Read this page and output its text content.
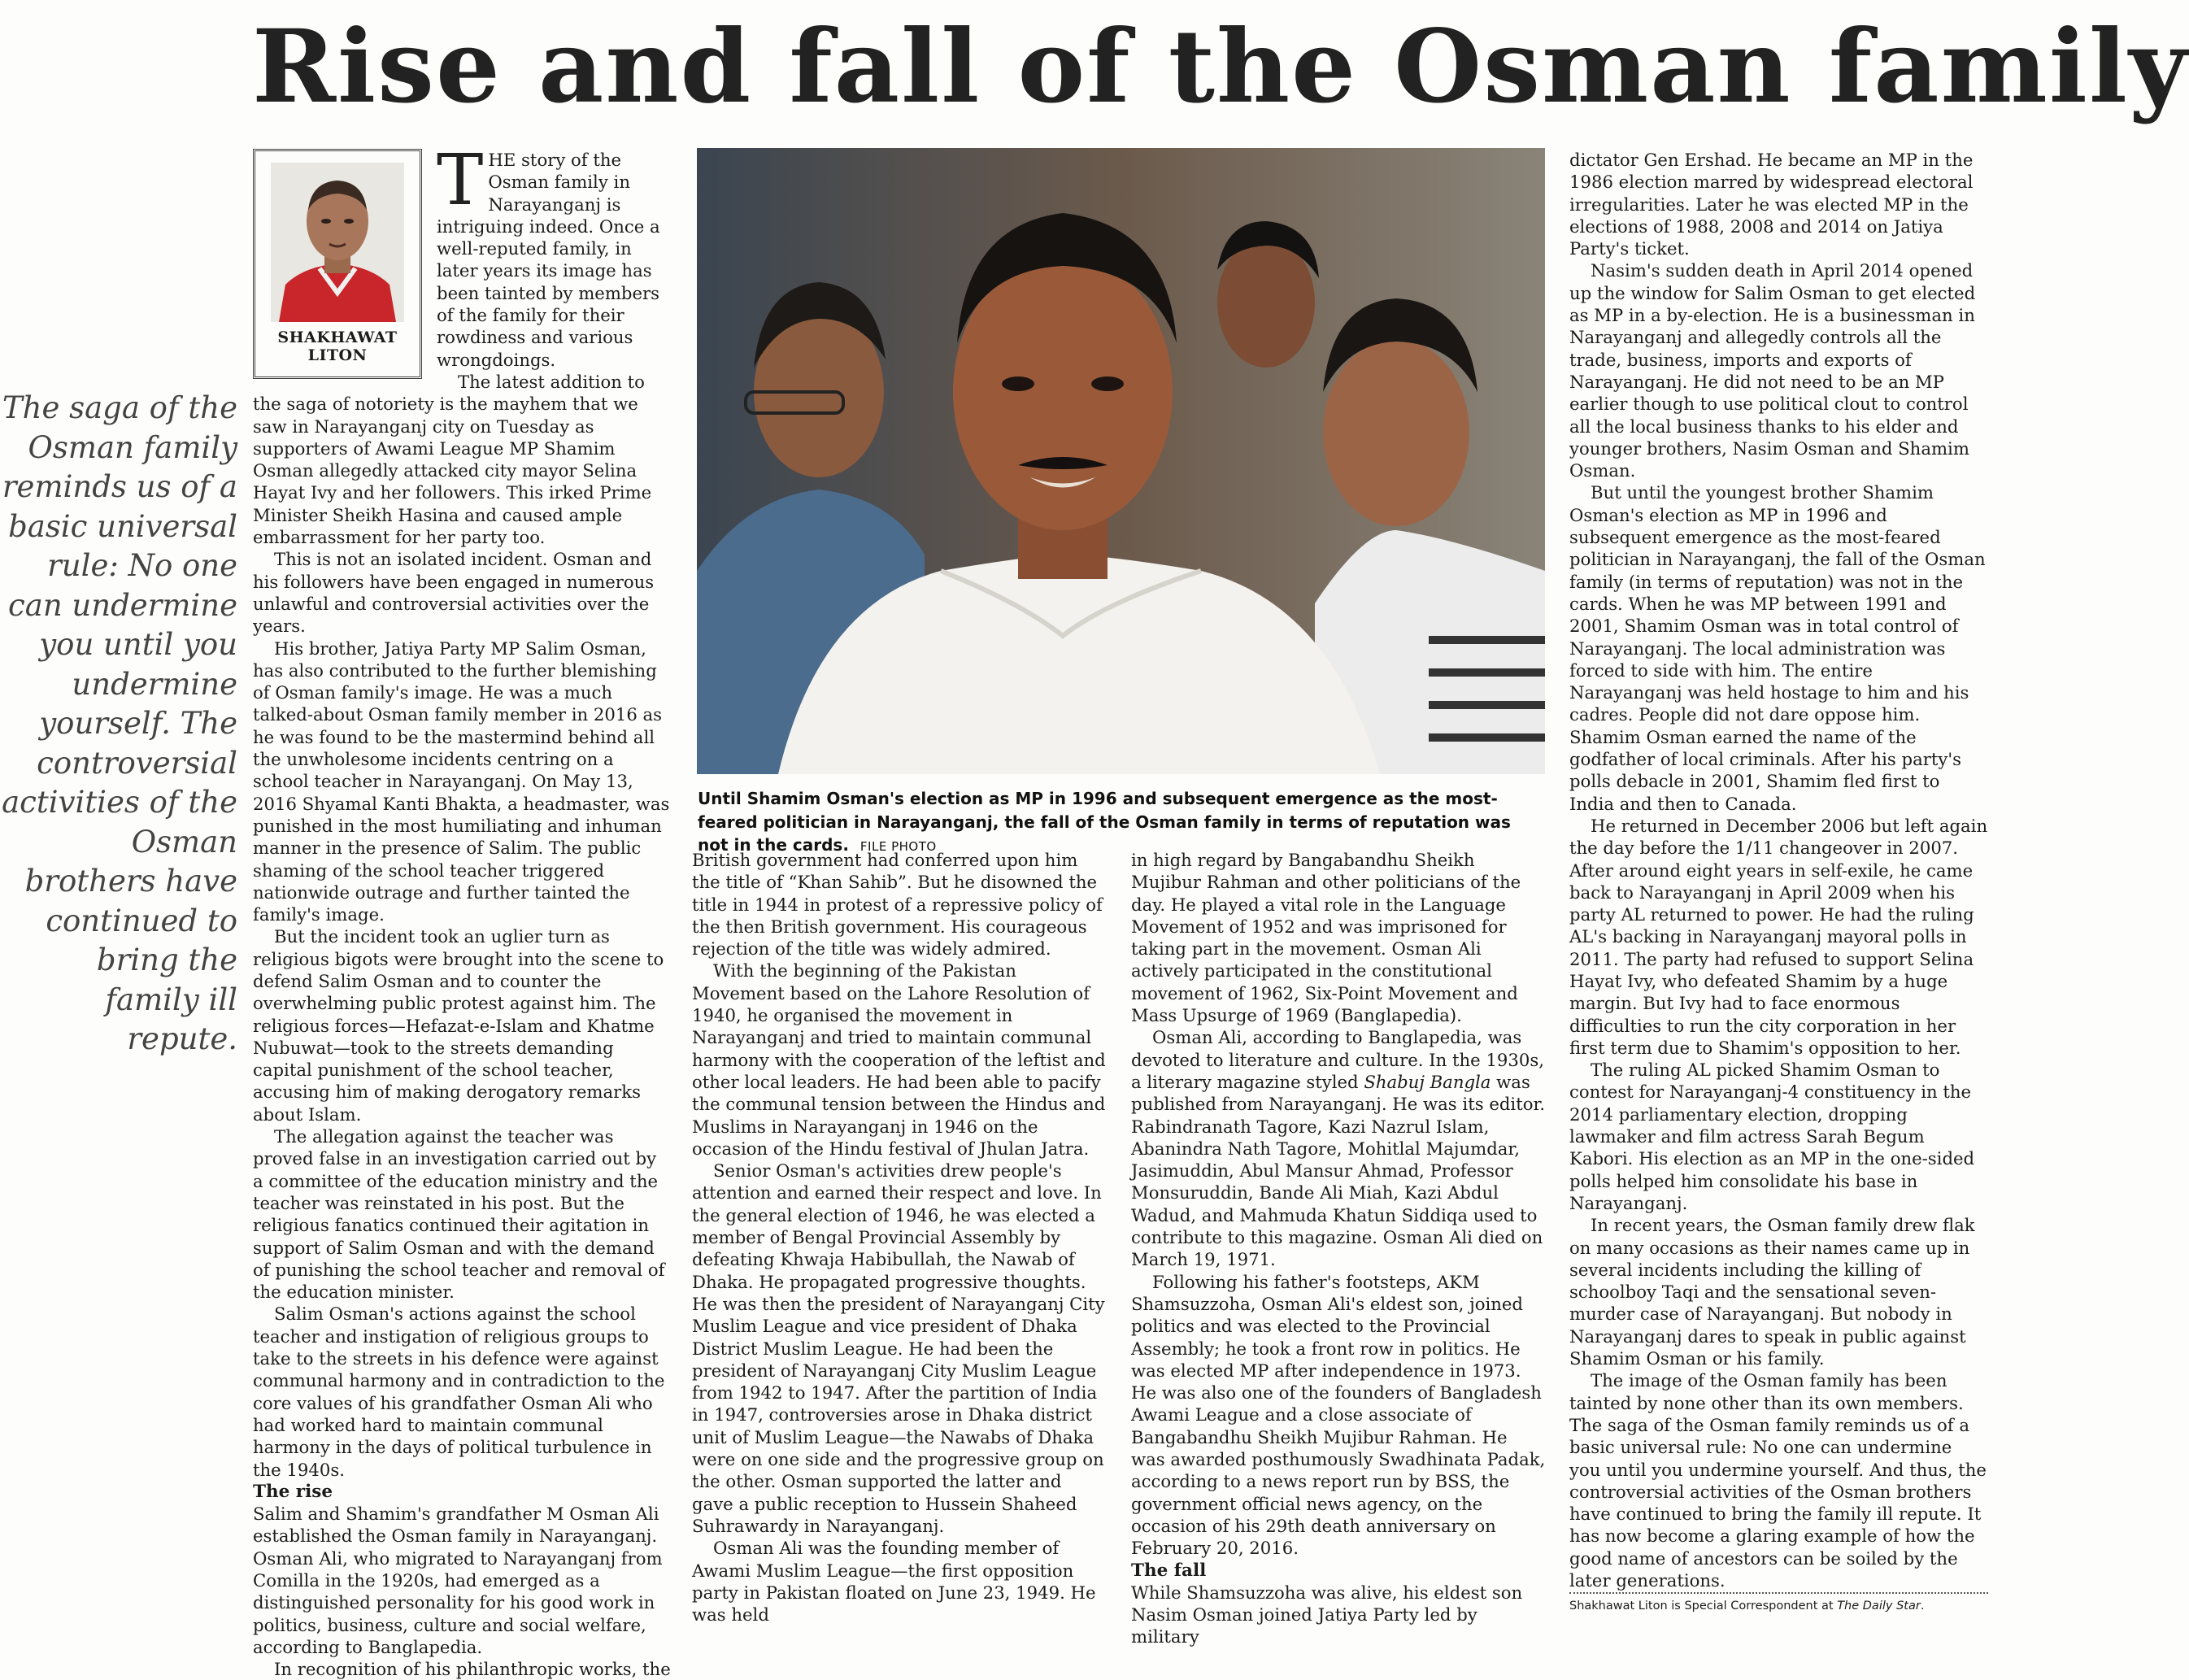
Rise and fall of the Osman family
The saga of the Osman family reminds us of a basic universal rule: No one can undermine you until you undermine yourself. The controversial activities of the Osman brothers have continued to bring the family ill repute.
SHAKHAWAT LITON
T HE story of the Osman family in Narayanganj is intriguing indeed. Once a well-reputed family, in later years its image has been tainted by members of the family for their rowdiness and various wrongdoings.

The latest addition to the saga of notoriety is the mayhem that we saw in Narayanganj city on Tuesday as supporters of Awami League MP Shamim Osman allegedly attacked city mayor Selina Hayat Ivy and her followers. This irked Prime Minister Sheikh Hasina and caused ample embarrassment for her party too.

This is not an isolated incident. Osman and his followers have been engaged in numerous unlawful and controversial activities over the years.

His brother, Jatiya Party MP Salim Osman, has also contributed to the further blemishing of Osman family's image. He was a much talked-about Osman family member in 2016 as he was found to be the mastermind behind all the unwholesome incidents centring on a school teacher in Narayanganj. On May 13, 2016 Shyamal Kanti Bhakta, a headmaster, was punished in the most humiliating and inhuman manner in the presence of Salim. The public shaming of the school teacher triggered nationwide outrage and further tainted the family's image.

But the incident took an uglier turn as religious bigots were brought into the scene to defend Salim Osman and to counter the overwhelming public protest against him. The religious forces—Hefazat-e-Islam and Khatme Nubuwat—took to the streets demanding capital punishment of the school teacher, accusing him of making derogatory remarks about Islam.

The allegation against the teacher was proved false in an investigation carried out by a committee of the education ministry and the teacher was reinstated in his post. But the religious fanatics continued their agitation in support of Salim Osman and with the demand of punishing the school teacher and removal of the education minister.

Salim Osman's actions against the school teacher and instigation of religious groups to take to the streets in his defence were against communal harmony and in contradiction to the core values of his grandfather Osman Ali who had worked hard to maintain communal harmony in the days of political turbulence in the 1940s.

The rise

Salim and Shamim's grandfather M Osman Ali established the Osman family in Narayanganj. Osman Ali, who migrated to Narayanganj from Comilla in the 1920s, had emerged as a distinguished personality for his good work in politics, business, culture and social welfare, according to Banglapedia.

In recognition of his philanthropic works, the

Until Shamim Osman's election as MP in 1996 and subsequent emergence as the most-feared politician in Narayanganj, the fall of the Osman family in terms of reputation was not in the cards. FILE PHOTO

British government had conferred upon him the title of “Khan Sahib”. But he disowned the title in 1944 in protest of a repressive policy of the then British government. His courageous rejection of the title was widely admired.

With the beginning of the Pakistan Movement based on the Lahore Resolution of 1940, he organised the movement in Narayanganj and tried to maintain communal harmony with the cooperation of the leftist and other local leaders. He had been able to pacify the communal tension between the Hindus and Muslims in Narayanganj in 1946 on the occasion of the Hindu festival of Jhulan Jatra.

Senior Osman's activities drew people's attention and earned their respect and love. In the general election of 1946, he was elected a member of Bengal Provincial Assembly by defeating Khwaja Habibullah, the Nawab of Dhaka. He propagated progressive thoughts. He was then the president of Narayanganj City Muslim League and vice president of Dhaka District Muslim League. He had been the president of Narayanganj City Muslim League from 1942 to 1947. After the partition of India in 1947, controversies arose in Dhaka district unit of Muslim League—the Nawabs of Dhaka were on one side and the progressive group on the other. Osman supported the latter and gave a public reception to Hussein Shaheed Suhrawardy in Narayanganj.

Osman Ali was the founding member of Awami Muslim League—the first opposition party in Pakistan floated on June 23, 1949. He was held

in high regard by Bangabandhu Sheikh Mujibur Rahman and other politicians of the day. He played a vital role in the Language Movement of 1952 and was imprisoned for taking part in the movement. Osman Ali actively participated in the constitutional movement of 1962, Six-Point Movement and Mass Upsurge of 1969 (Banglapedia).

Osman Ali, according to Banglapedia, was devoted to literature and culture. In the 1930s, a literary magazine styled Shabuj Bangla was published from Narayanganj. He was its editor. Rabindranath Tagore, Kazi Nazrul Islam, Abanindra Nath Tagore, Mohitlal Majumdar, Jasimuddin, Abul Mansur Ahmad, Professor Monsuruddin, Bande Ali Miah, Kazi Abdul Wadud, and Mahmuda Khatun Siddiqa used to contribute to this magazine. Osman Ali died on March 19, 1971.

Following his father's footsteps, AKM Shamsuzzoha, Osman Ali's eldest son, joined politics and was elected to the Provincial Assembly; he took a front row in politics. He was elected MP after independence in 1973. He was also one of the founders of Bangladesh Awami League and a close associate of Bangabandhu Sheikh Mujibur Rahman. He was awarded posthumously Swadhinata Padak, according to a news report run by BSS, the government official news agency, on the occasion of his 29th death anniversary on February 20, 2016.

The fall

While Shamsuzzoha was alive, his eldest son Nasim Osman joined Jatiya Party led by military

dictator Gen Ershad. He became an MP in the 1986 election marred by widespread electoral irregularities. Later he was elected MP in the elections of 1988, 2008 and 2014 on Jatiya Party's ticket.

Nasim's sudden death in April 2014 opened up the window for Salim Osman to get elected as MP in a by-election. He is a businessman in Narayanganj and allegedly controls all the trade, business, imports and exports of Narayanganj. He did not need to be an MP earlier though to use political clout to control all the local business thanks to his elder and younger brothers, Nasim Osman and Shamim Osman.

But until the youngest brother Shamim Osman's election as MP in 1996 and subsequent emergence as the most-feared politician in Narayanganj, the fall of the Osman family (in terms of reputation) was not in the cards. When he was MP between 1991 and 2001, Shamim Osman was in total control of Narayanganj. The local administration was forced to side with him. The entire Narayanganj was held hostage to him and his cadres. People did not dare oppose him. Shamim Osman earned the name of the godfather of local criminals. After his party's polls debacle in 2001, Shamim fled first to India and then to Canada.

He returned in December 2006 but left again the day before the 1/11 changeover in 2007. After around eight years in self-exile, he came back to Narayanganj in April 2009 when his party AL returned to power. He had the ruling AL's backing in Narayanganj mayoral polls in 2011. The party had refused to support Selina Hayat Ivy, who defeated Shamim by a huge margin. But Ivy had to face enormous difficulties to run the city corporation in her first term due to Shamim's opposition to her.

The ruling AL picked Shamim Osman to contest for Narayanganj-4 constituency in the 2014 parliamentary election, dropping lawmaker and film actress Sarah Begum Kabori. His election as an MP in the one-sided polls helped him consolidate his base in Narayanganj.

In recent years, the Osman family drew flak on many occasions as their names came up in several incidents including the killing of schoolboy Taqi and the sensational seven-murder case of Narayanganj. But nobody in Narayanganj dares to speak in public against Shamim Osman or his family.

The image of the Osman family has been tainted by none other than its own members. The saga of the Osman family reminds us of a basic universal rule: No one can undermine you until you undermine yourself. And thus, the controversial activities of the Osman brothers have continued to bring the family ill repute. It has now become a glaring example of how the good name of ancestors can be soiled by the later generations.

Shakhawat Liton is Special Correspondent at The Daily Star.
